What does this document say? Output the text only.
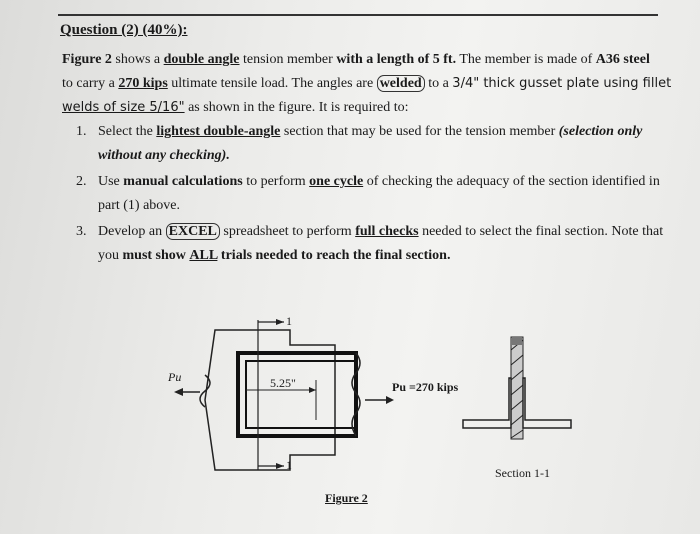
Question (2) (40%):
Figure 2 shows a double angle tension member with a length of 5 ft. The member is made of A36 steel
to carry a 270 kips ultimate tensile load. The angles are welded to a 3/4" thick gusset plate using fillet
welds of size 5/16" as shown in the figure. It is required to:
1. Select the lightest double-angle section that may be used for the tension member (selection only without any checking).
2. Use manual calculations to perform one cycle of checking the adequacy of the section identified in part (1) above.
3. Develop an EXCEL spreadsheet to perform full checks needed to select the final section. Note that you must show ALL trials needed to reach the final section.
Pu	5.25"
1
1
Pu =270 kips
Section 1-1
Figure 2
